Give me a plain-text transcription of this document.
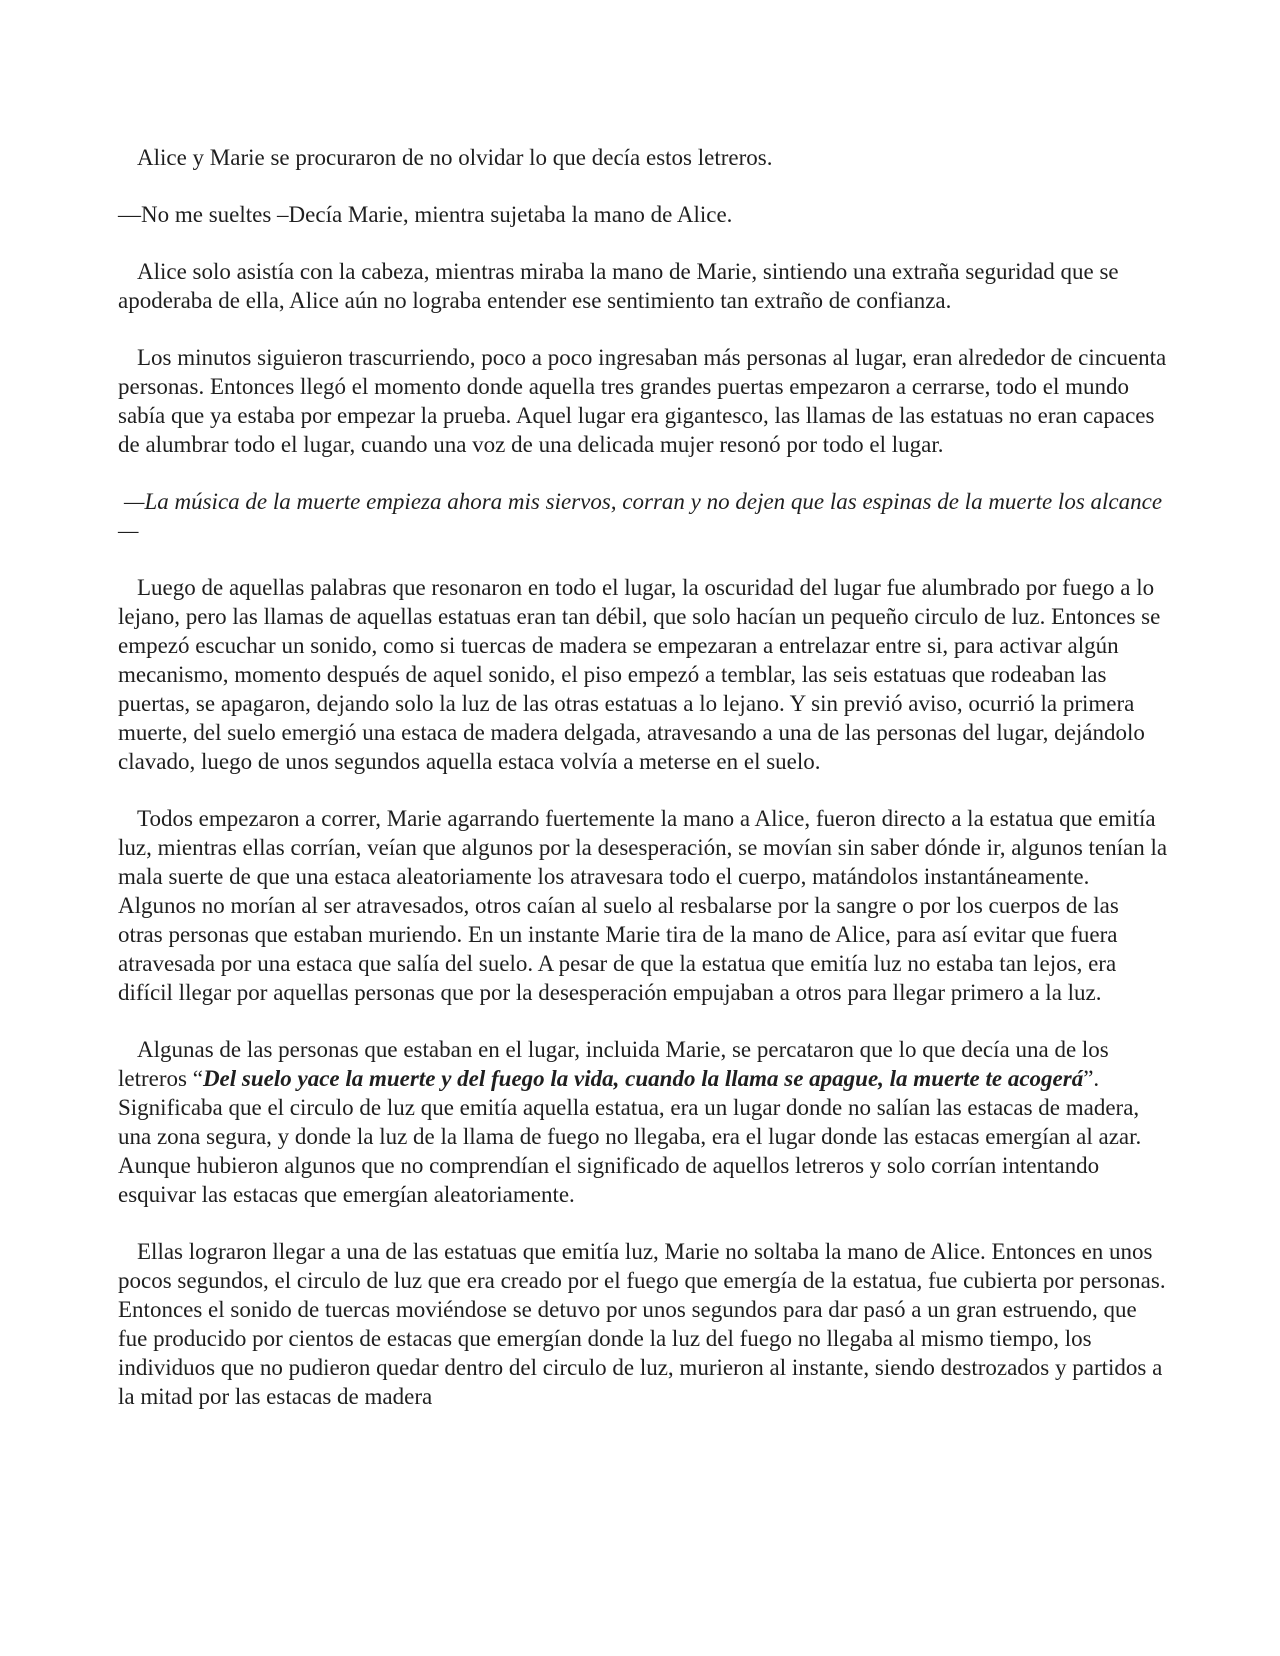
Alice y Marie se procuraron de no olvidar lo que decía estos letreros.

—No me sueltes –Decía Marie, mientra sujetaba la mano de Alice.

Alice solo asistía con la cabeza, mientras miraba la mano de Marie, sintiendo una extraña seguridad que se apoderaba de ella, Alice aún no lograba entender ese sentimiento tan extraño de confianza.

Los minutos siguieron trascurriendo, poco a poco ingresaban más personas al lugar, eran alrededor de cincuenta personas. Entonces llegó el momento donde aquella tres grandes puertas empezaron a cerrarse, todo el mundo sabía que ya estaba por empezar la prueba. Aquel lugar era gigantesco, las llamas de las estatuas no eran capaces de alumbrar todo el lugar, cuando una voz de una delicada mujer resonó por todo el lugar.

—La música de la muerte empieza ahora mis siervos, corran y no dejen que las espinas de la muerte los alcance—

Luego de aquellas palabras que resonaron en todo el lugar, la oscuridad del lugar fue alumbrado por fuego a lo lejano, pero las llamas de aquellas estatuas eran tan débil, que solo hacían un pequeño circulo de luz. Entonces se empezó escuchar un sonido, como si tuercas de madera se empezaran a entrelazar entre si, para activar algún mecanismo, momento después de aquel sonido, el piso empezó a temblar, las seis estatuas que rodeaban las puertas, se apagaron, dejando solo la luz de las otras estatuas a lo lejano. Y sin previó aviso, ocurrió la primera muerte, del suelo emergió una estaca de madera delgada, atravesando a una de las personas del lugar, dejándolo clavado, luego de unos segundos aquella estaca volvía a meterse en el suelo.

Todos empezaron a correr, Marie agarrando fuertemente la mano a Alice, fueron directo a la estatua que emitía luz, mientras ellas corrían, veían que algunos por la desesperación, se movían sin saber dónde ir, algunos tenían la mala suerte de que una estaca aleatoriamente los atravesara todo el cuerpo, matándolos instantáneamente. Algunos no morían al ser atravesados, otros caían al suelo al resbalarse por la sangre o por los cuerpos de las otras personas que estaban muriendo. En un instante Marie tira de la mano de Alice, para así evitar que fuera atravesada por una estaca que salía del suelo. A pesar de que la estatua que emitía luz no estaba tan lejos, era difícil llegar por aquellas personas que por la desesperación empujaban a otros para llegar primero a la luz.

Algunas de las personas que estaban en el lugar, incluida Marie, se percataron que lo que decía una de los letreros “Del suelo yace la muerte y del fuego la vida, cuando la llama se apague, la muerte te acogerá”. Significaba que el circulo de luz que emitía aquella estatua, era un lugar donde no salían las estacas de madera, una zona segura, y donde la luz de la llama de fuego no llegaba, era el lugar donde las estacas emergían al azar. Aunque hubieron algunos que no comprendían el significado de aquellos letreros y solo corrían intentando esquivar las estacas que emergían aleatoriamente.

Ellas lograron llegar a una de las estatuas que emitía luz, Marie no soltaba la mano de Alice. Entonces en unos pocos segundos, el circulo de luz que era creado por el fuego que emergía de la estatua, fue cubierta por personas. Entonces el sonido de tuercas moviéndose se detuvo por unos segundos para dar pasó a un gran estruendo, que fue producido por cientos de estacas que emergían donde la luz del fuego no llegaba al mismo tiempo, los individuos que no pudieron quedar dentro del circulo de luz, murieron al instante, siendo destrozados y partidos a la mitad por las estacas de madera
